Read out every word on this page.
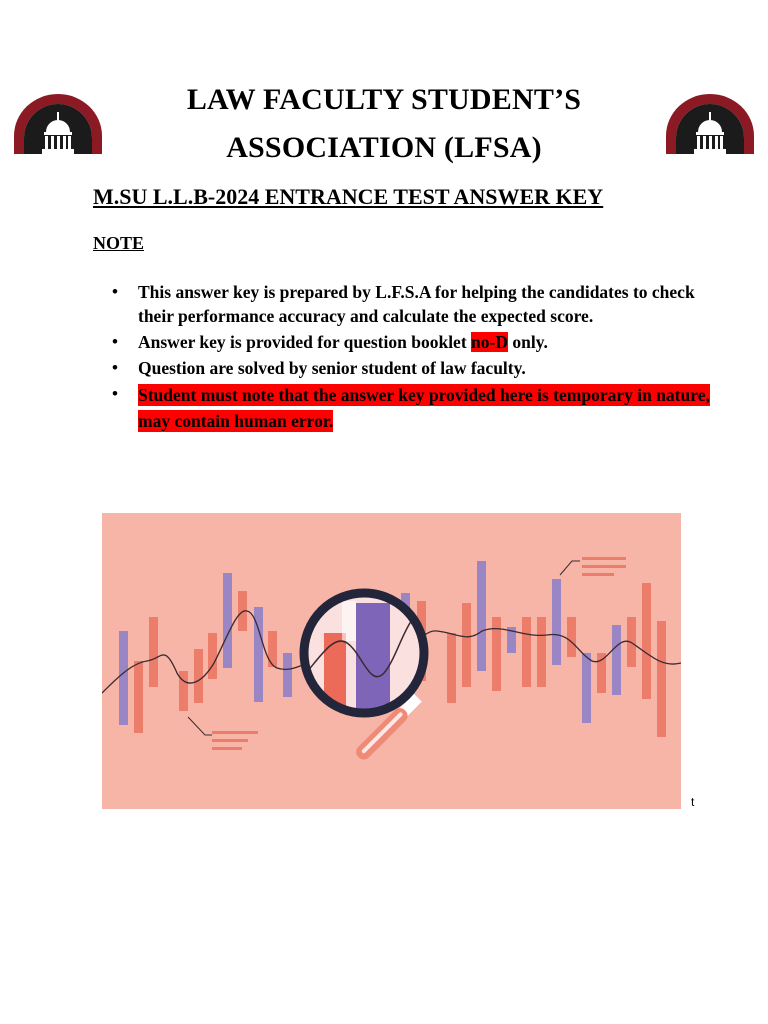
LAW FACULTY STUDENT’S
ASSOCIATION (LFSA)
M.SU L.L.B-2024 ENTRANCE TEST ANSWER KEY
NOTE
• This answer key is prepared by L.F.S.A for helping the candidates to check their performance accuracy and calculate the expected score.
• Answer key is provided for question booklet no-D only.
• Question are solved by senior student of law faculty.
• Student must note that the answer key provided here is temporary in nature, may contain human error.
t
